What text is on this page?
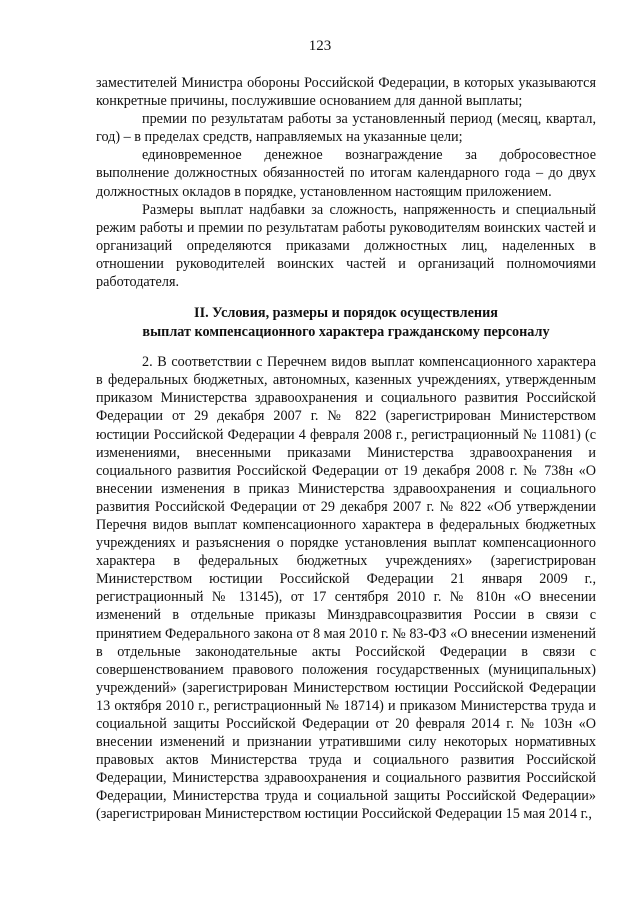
123

заместителей Министра обороны Российской Федерации, в которых указываются конкретные причины, послужившие основанием для данной выплаты;

премии по результатам работы за установленный период (месяц, квартал, год) – в пределах средств, направляемых на указанные цели;

единовременное денежное вознаграждение за добросовестное выполнение должностных обязанностей по итогам календарного года – до двух должностных окладов в порядке, установленном настоящим приложением.

Размеры выплат надбавки за сложность, напряженность и специальный режим работы и премии по результатам работы руководителям воинских частей и организаций определяются приказами должностных лиц, наделенных в отношении руководителей воинских частей и организаций полномочиями работодателя.

II. Условия, размеры и порядок осуществления
выплат компенсационного характера гражданскому персоналу

2. В соответствии с Перечнем видов выплат компенсационного характера в федеральных бюджетных, автономных, казенных учреждениях, утвержденным приказом Министерства здравоохранения и социального развития Российской Федерации от 29 декабря 2007 г. № 822 (зарегистрирован Министерством юстиции Российской Федерации 4 февраля 2008 г., регистрационный № 11081) (с изменениями, внесенными приказами Министерства здравоохранения и социального развития Российской Федерации от 19 декабря 2008 г. № 738н «О внесении изменения в приказ Министерства здравоохранения и социального развития Российской Федерации от 29 декабря 2007 г. № 822 «Об утверждении Перечня видов выплат компенсационного характера в федеральных бюджетных учреждениях и разъяснения о порядке установления выплат компенсационного характера в федеральных бюджетных учреждениях» (зарегистрирован Министерством юстиции Российской Федерации 21 января 2009 г., регистрационный № 13145), от 17 сентября 2010 г. № 810н «О внесении изменений в отдельные приказы Минздравсоцразвития России в связи с принятием Федерального закона от 8 мая 2010 г. № 83-ФЗ «О внесении изменений в отдельные законодательные акты Российской Федерации в связи с совершенствованием правового положения государственных (муниципальных) учреждений» (зарегистрирован Министерством юстиции Российской Федерации 13 октября 2010 г., регистрационный № 18714) и приказом Министерства труда и социальной защиты Российской Федерации от 20 февраля 2014 г. № 103н «О внесении изменений и признании утратившими силу некоторых нормативных правовых актов Министерства труда и социального развития Российской Федерации, Министерства здравоохранения и социального развития Российской Федерации, Министерства труда и социальной защиты Российской Федерации» (зарегистрирован Министерством юстиции Российской Федерации 15 мая 2014 г.,
